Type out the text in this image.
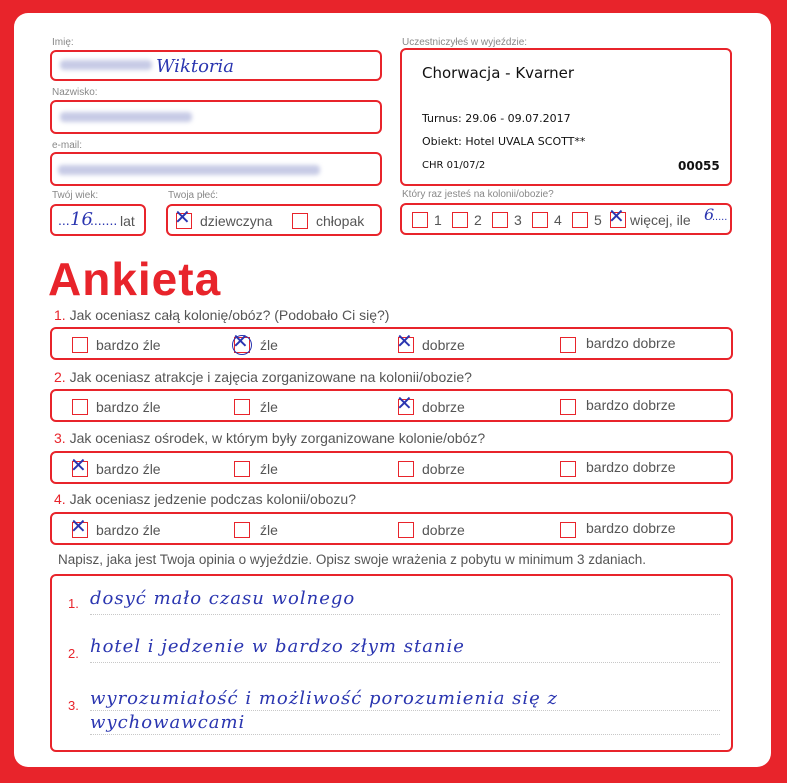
Imię:
Wiktoria
Nazwisko:
e-mail:
Twój wiek:
... 16
....... lat
Twoja płeć:
✕ dziewczyna	chłopak
Uczestniczyłeś w wyjeździe:
Chorwacja - Kvarner
Turnus: 29.06 - 09.07.2017
Obiekt: Hotel UVALA SCOTT**
CHR 01/07/2	00055
Który raz jesteś na kolonii/obozie?
1 2 3 4 5 ✕ więcej, ile 6
.....
Ankieta
1. Jak oceniasz całą kolonię/obóz? (Podobało Ci się?)
bardzo źle	✕ źle	✕ dobrze	bardzo dobrze
2. Jak oceniasz atrakcje i zajęcia zorganizowane na kolonii/obozie?
bardzo źle	źle	✕ dobrze	bardzo dobrze
3. Jak oceniasz ośrodek, w którym były zorganizowane kolonie/obóz?
✕ bardzo źle	źle	dobrze	bardzo dobrze
4. Jak oceniasz jedzenie podczas kolonii/obozu?
✕ bardzo źle	źle	dobrze	bardzo dobrze
Napisz, jaka jest Twoja opinia o wyjeździe. Opisz swoje wrażenia z pobytu w minimum 3 zdaniach.
1. dosyć mało czasu wolnego
2. hotel i jedzenie w bardzo złym stanie
3. wyrozumiałość i możliwość porozumienia się z
wychowawcami
